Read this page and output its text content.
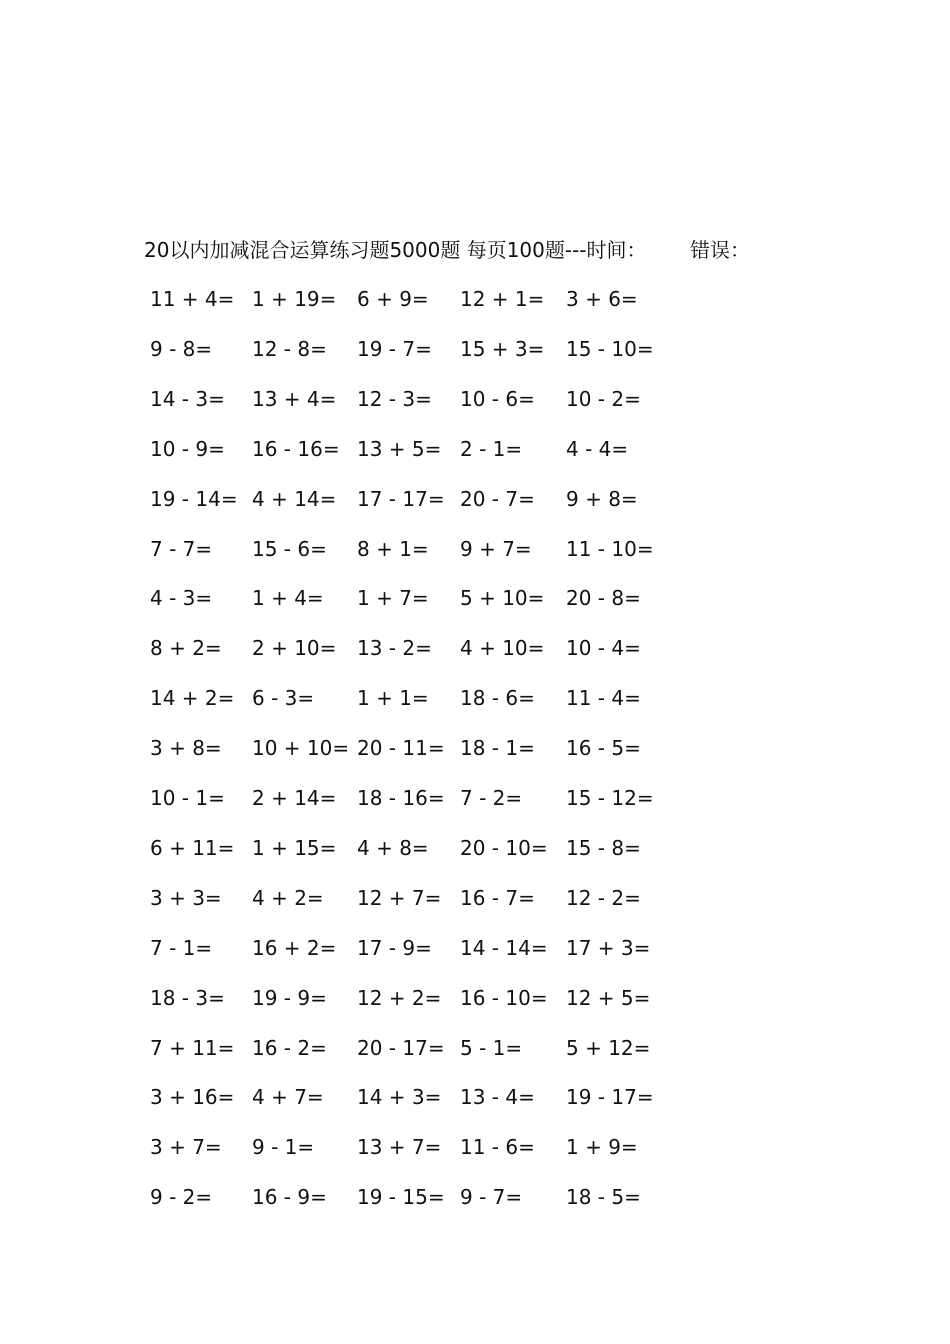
20以内加减混合运算练习题5000题 每页100题---时间： 错误：
11 + 4= 1 + 19= 6 + 9= 12 + 1= 3 + 6=
9 - 8= 12 - 8= 19 - 7= 15 + 3= 15 - 10=
14 - 3= 13 + 4= 12 - 3= 10 - 6= 10 - 2=
10 - 9= 16 - 16= 13 + 5= 2 - 1= 4 - 4=
19 - 14= 4 + 14= 17 - 17= 20 - 7= 9 + 8=
7 - 7= 15 - 6= 8 + 1= 9 + 7= 11 - 10=
4 - 3= 1 + 4= 1 + 7= 5 + 10= 20 - 8=
8 + 2= 2 + 10= 13 - 2= 4 + 10= 10 - 4=
14 + 2= 6 - 3= 1 + 1= 18 - 6= 11 - 4=
3 + 8= 10 + 10= 20 - 11= 18 - 1= 16 - 5=
10 - 1= 2 + 14= 18 - 16= 7 - 2= 15 - 12=
6 + 11= 1 + 15= 4 + 8= 20 - 10= 15 - 8=
3 + 3= 4 + 2= 12 + 7= 16 - 7= 12 - 2=
7 - 1= 16 + 2= 17 - 9= 14 - 14= 17 + 3=
18 - 3= 19 - 9= 12 + 2= 16 - 10= 12 + 5=
7 + 11= 16 - 2= 20 - 17= 5 - 1= 5 + 12=
3 + 16= 4 + 7= 14 + 3= 13 - 4= 19 - 17=
3 + 7= 9 - 1= 13 + 7= 11 - 6= 1 + 9=
9 - 2= 16 - 9= 19 - 15= 9 - 7= 18 - 5=
